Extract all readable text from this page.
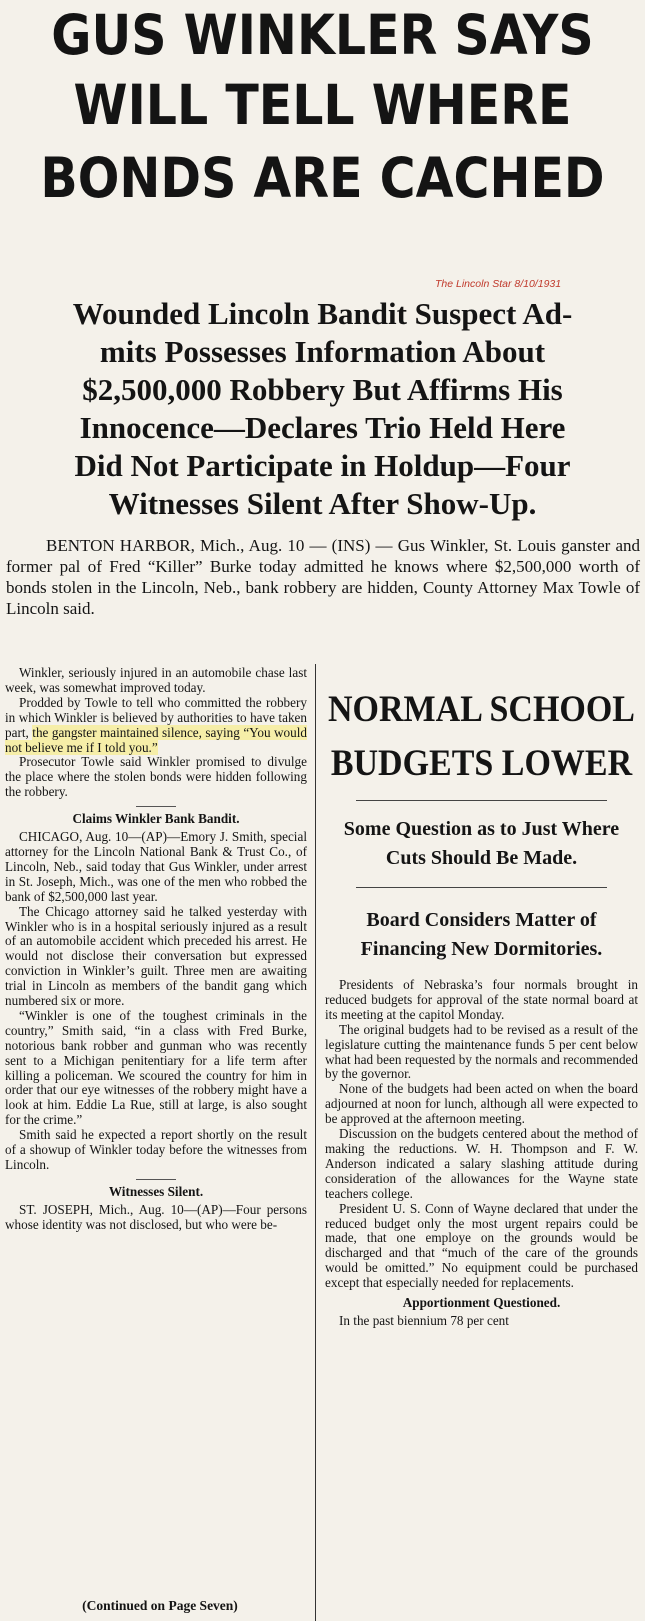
GUS WINKLER SAYS
WILL TELL WHERE
BONDS ARE CACHED
The Lincoln Star 8/10/1931
Wounded Lincoln Bandit Suspect Ad-
mits Possesses Information About
$2,500,000 Robbery But Affirms His
Innocence—Declares Trio Held Here
Did Not Participate in Holdup—Four
Witnesses Silent After Show-Up.

BENTON HARBOR, Mich., Aug. 10 — (INS) — Gus Winkler, St. Louis ganster and former pal of Fred “Killer” Burke today admitted he knows where $2,500,000 worth of bonds stolen in the Lincoln, Neb., bank robbery are hidden, County Attorney Max Towle of Lincoln said.

Winkler, seriously injured in an automobile chase last week, was somewhat improved today.

Prodded by Towle to tell who committed the robbery in which Winkler is believed by authorities to have taken part, the gangster maintained silence, saying “You would not believe me if I told you.”

Prosecutor Towle said Winkler promised to divulge the place where the stolen bonds were hidden following the robbery.

Claims Winkler Bank Bandit.

CHICAGO, Aug. 10—(AP)—Emory J. Smith, special attorney for the Lincoln National Bank & Trust Co., of Lincoln, Neb., said today that Gus Winkler, under arrest in St. Joseph, Mich., was one of the men who robbed the bank of $2,500,000 last year.

The Chicago attorney said he talked yesterday with Winkler who is in a hospital seriously injured as a result of an automobile accident which preceded his arrest. He would not disclose their conversation but expressed conviction in Winkler’s guilt. Three men are awaiting trial in Lincoln as members of the bandit gang which numbered six or more.

“Winkler is one of the toughest criminals in the country,” Smith said, “in a class with Fred Burke, notorious bank robber and gunman who was recently sent to a Michigan penitentiary for a life term after killing a policeman. We scoured the country for him in order that our eye witnesses of the robbery might have a look at him. Eddie La Rue, still at large, is also sought for the crime.”

Smith said he expected a report shortly on the result of a showup of Winkler today before the witnesses from Lincoln.

Witnesses Silent.

ST. JOSEPH, Mich., Aug. 10—(AP)—Four persons whose identity was not disclosed, but who were be-

(Continued on Page Seven)
NORMAL SCHOOL
BUDGETS LOWER
Some Question as to Just Where Cuts Should Be Made.
Board Considers Matter of Financing New Dormitories.

Presidents of Nebraska’s four normals brought in reduced budgets for approval of the state normal board at its meeting at the capitol Monday.

The original budgets had to be revised as a result of the legislature cutting the maintenance funds 5 per cent below what had been requested by the normals and recommended by the governor.

None of the budgets had been acted on when the board adjourned at noon for lunch, although all were expected to be approved at the afternoon meeting.

Discussion on the budgets centered about the method of making the reductions. W. H. Thompson and F. W. Anderson indicated a salary slashing attitude during consideration of the allowances for the Wayne state teachers college.

President U. S. Conn of Wayne declared that under the reduced budget only the most urgent repairs could be made, that one employe on the grounds would be discharged and that “much of the care of the grounds would be omitted.” No equipment could be purchased except that especially needed for replacements.

Apportionment Questioned.

In the past biennium 78 per cent
